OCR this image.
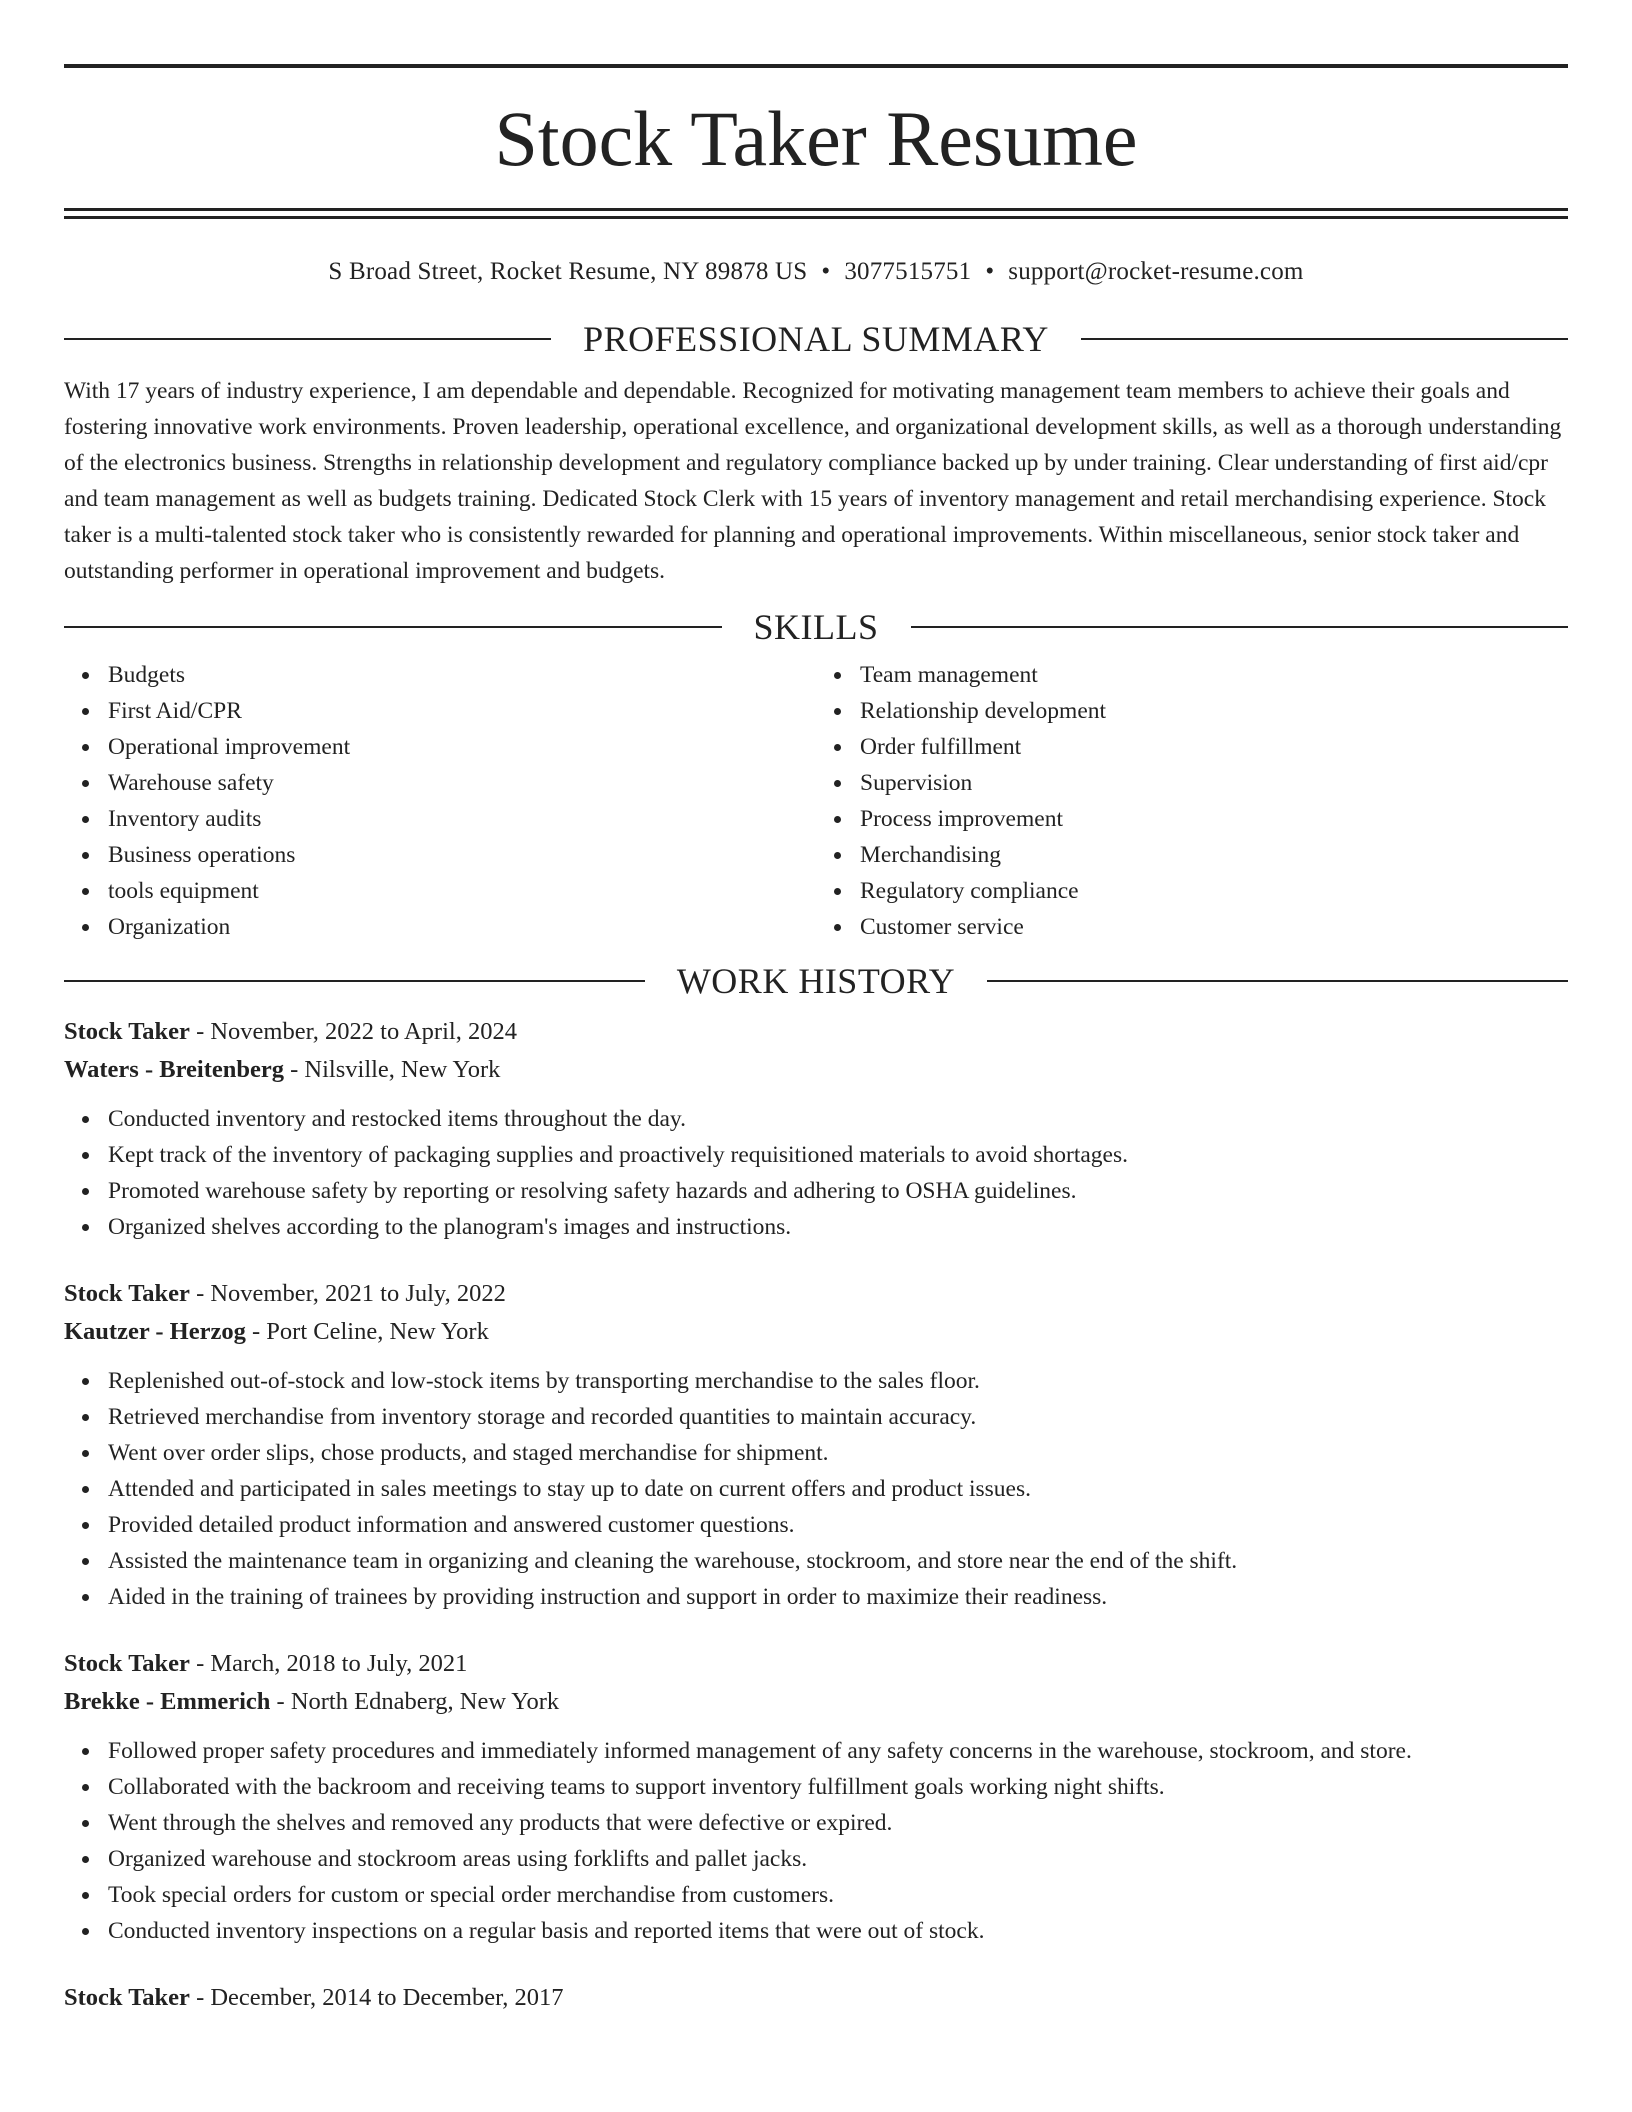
Stock Taker Resume
S Broad Street, Rocket Resume, NY 89878 US • 3077515751 • support@rocket-resume.com
PROFESSIONAL SUMMARY

With 17 years of industry experience, I am dependable and dependable. Recognized for motivating management team members to achieve their goals and fostering innovative work environments. Proven leadership, operational excellence, and organizational development skills, as well as a thorough understanding of the electronics business. Strengths in relationship development and regulatory compliance backed up by under training. Clear understanding of first aid/cpr and team management as well as budgets training. Dedicated Stock Clerk with 15 years of inventory management and retail merchandising experience. Stock taker is a multi-talented stock taker who is consistently rewarded for planning and operational improvements. Within miscellaneous, senior stock taker and outstanding performer in operational improvement and budgets.

SKILLS
Budgets
First Aid/CPR
Operational improvement
Warehouse safety
Inventory audits
Business operations
tools equipment
Organization
Team management
Relationship development
Order fulfillment
Supervision
Process improvement
Merchandising
Regulatory compliance
Customer service
WORK HISTORY
Stock Taker - November, 2022 to April, 2024
Waters - Breitenberg - Nilsville, New York
Conducted inventory and restocked items throughout the day.
Kept track of the inventory of packaging supplies and proactively requisitioned materials to avoid shortages.
Promoted warehouse safety by reporting or resolving safety hazards and adhering to OSHA guidelines.
Organized shelves according to the planogram's images and instructions.
Stock Taker - November, 2021 to July, 2022
Kautzer - Herzog - Port Celine, New York
Replenished out-of-stock and low-stock items by transporting merchandise to the sales floor.
Retrieved merchandise from inventory storage and recorded quantities to maintain accuracy.
Went over order slips, chose products, and staged merchandise for shipment.
Attended and participated in sales meetings to stay up to date on current offers and product issues.
Provided detailed product information and answered customer questions.
Assisted the maintenance team in organizing and cleaning the warehouse, stockroom, and store near the end of the shift.
Aided in the training of trainees by providing instruction and support in order to maximize their readiness.
Stock Taker - March, 2018 to July, 2021
Brekke - Emmerich - North Ednaberg, New York
Followed proper safety procedures and immediately informed management of any safety concerns in the warehouse, stockroom, and store.
Collaborated with the backroom and receiving teams to support inventory fulfillment goals working night shifts.
Went through the shelves and removed any products that were defective or expired.
Organized warehouse and stockroom areas using forklifts and pallet jacks.
Took special orders for custom or special order merchandise from customers.
Conducted inventory inspections on a regular basis and reported items that were out of stock.
Stock Taker - December, 2014 to December, 2017
